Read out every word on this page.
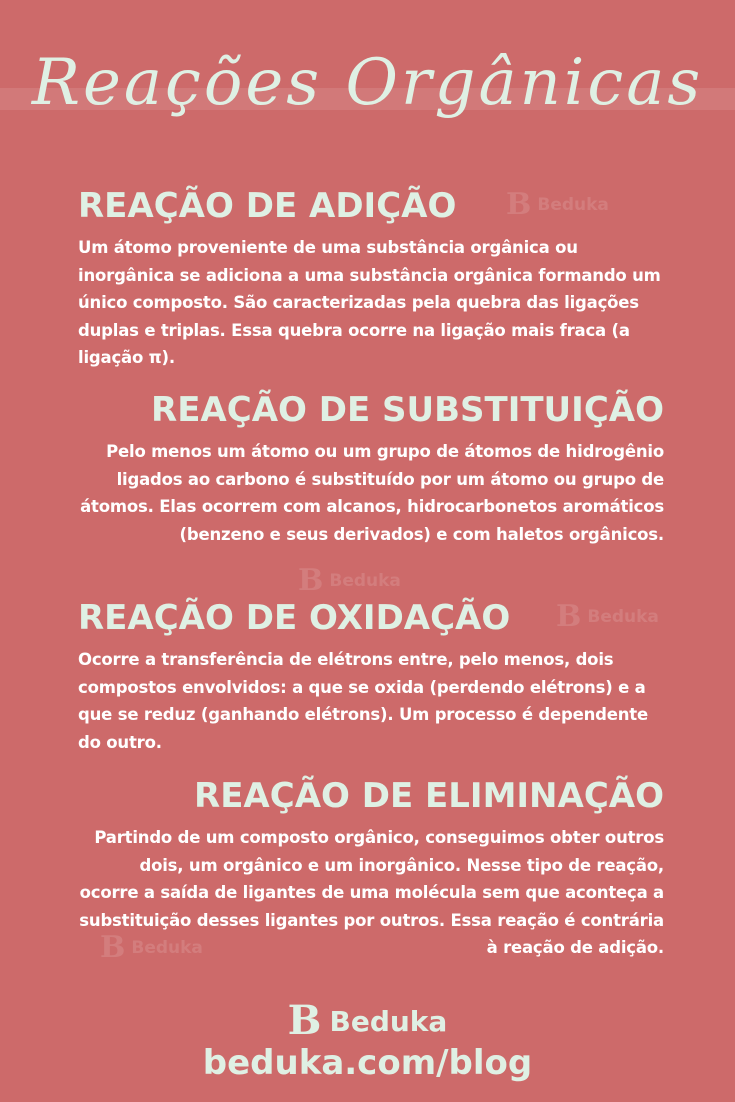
Reações Orgânicas
B Beduka
B Beduka
B Beduka
B Beduka
REAÇÃO DE ADIÇÃO

Um átomo proveniente de uma substância orgânica ou inorgânica se adiciona a uma substância orgânica formando um único composto. São caracterizadas pela quebra das ligações duplas e triplas. Essa quebra ocorre na ligação mais fraca (a ligação π).

REAÇÃO DE SUBSTITUIÇÃO

Pelo menos um átomo ou um grupo de átomos de hidrogênio ligados ao carbono é substituído por um átomo ou grupo de átomos. Elas ocorrem com alcanos, hidrocarbonetos aromáticos (benzeno e seus derivados) e com haletos orgânicos.

REAÇÃO DE OXIDAÇÃO

Ocorre a transferência de elétrons entre, pelo menos, dois compostos envolvidos: a que se oxida (perdendo elétrons) e a que se reduz (ganhando elétrons). Um processo é dependente do outro.

REAÇÃO DE ELIMINAÇÃO

Partindo de um composto orgânico, conseguimos obter outros dois, um orgânico e um inorgânico. Nesse tipo de reação, ocorre a saída de ligantes de uma molécula sem que aconteça a substituição desses ligantes por outros. Essa reação é contrária à reação de adição.

B Beduka
beduka.com/blog
